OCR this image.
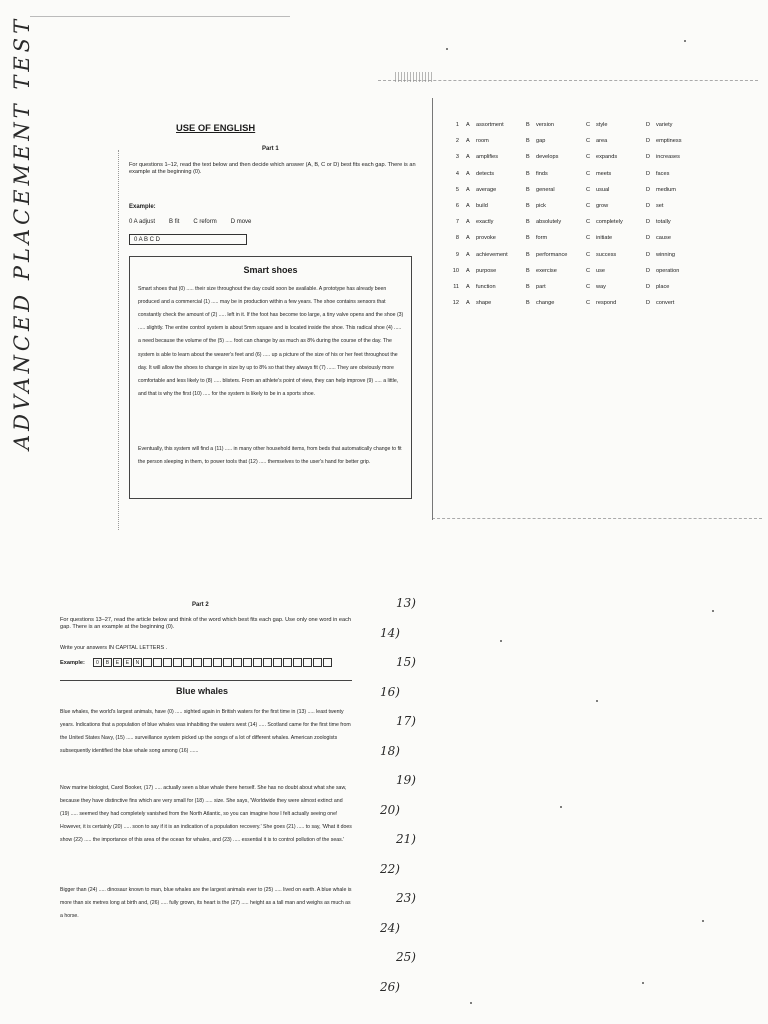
ADVANCED PLACEMENT TEST	USE OF ENGLISH
Part 1
For questions 1–12, read the text below and then decide which answer (A, B, C or D) best fits each gap. There is an example at the beginning (0).
Example:
0 A adjust B fit C reform D move
0 A B C D
Smart shoes
Smart shoes that (0) ..... their size throughout the day could soon be available. A prototype has already been produced and a commercial (1) ..... may be in production within a few years. The shoe contains sensors that constantly check the amount of (2) ..... left in it. If the foot has become too large, a tiny valve opens and the shoe (3) ..... slightly. The entire control system is about 5mm square and is located inside the shoe. This radical shoe (4) ..... a need because the volume of the (5) ..... foot can change by as much as 8% during the course of the day. The system is able to learn about the wearer's feet and (6) ..... up a picture of the size of his or her feet throughout the day. It will allow the shoes to change in size by up to 8% so that they always fit (7) ...... They are obviously more comfortable and less likely to (8) ..... blisters. From an athlete's point of view, they can help improve (9) ..... a little, and that is why the first (10) ..... for the system is likely to be in a sports shoe.
Eventually, this system will find a (11) ..... in many other household items, from beds that automatically change to fit the person sleeping in them, to power tools that (12) ..... themselves to the user's hand for better grip.
1 A	assortment	B	version	C	style	D	variety
2 A	room	B	gap	C	area	D	emptiness
3 A	amplifies	B	develops	C	expands	D	increases
4 A	detects	B	finds	C	meets	D	faces
5 A	average	B	general	C	usual	D	medium
6 A	build	B	pick	C	grow	D	set
7 A	exactly	B	absolutely	C	completely	D	totally
8 A	provoke	B	form	C	initiate	D	cause
9 A	achievement	B	performance	C	success	D	winning
10 A	purpose	B	exercise	C	use	D	operation
11 A	function	B	part	C	way	D	place
12 A	shape	B	change	C	respond	D	convert
Part 2
For questions 13–27, read the article below and think of the word which best fits each gap. Use only one word in each gap. There is an example at the beginning (0).
Write your answers IN CAPITAL LETTERS .
Example:	0	B	E	E	N
Blue whales
Blue whales, the world's largest animals, have (0) ..... sighted again in British waters for the first time in (13) ..... least twenty years. Indications that a population of blue whales was inhabiting the waters west (14) ..... Scotland came for the first time from the United States Navy, (15) ..... surveillance system picked up the songs of a lot of different whales. American zoologists subsequently identified the blue whale song among (16) ......
Now marine biologist, Carol Booker, (17) ..... actually seen a blue whale there herself. She has no doubt about what she saw, because they have distinctive fins which are very small for (18) ..... size. She says, 'Worldwide they were almost extinct and (19) ..... seemed they had completely vanished from the North Atlantic, so you can imagine how I felt actually seeing one! However, it is certainly (20) ..... soon to say if it is an indication of a population recovery.' She goes (21) ..... to say, 'What it does show (22) ..... the importance of this area of the ocean for whales, and (23) ..... essential it is to control pollution of the seas.'
Bigger than (24) ..... dinosaur known to man, blue whales are the largest animals ever to (25) ..... lived on earth. A blue whale is more than six metres long at birth and, (26) ..... fully grown, its heart is the (27) ..... height as a tall man and weighs as much as a horse.
13)
14)
15)
16)
17)
18)
19)
20)
21)
22)
23)
24)
25)
26)
